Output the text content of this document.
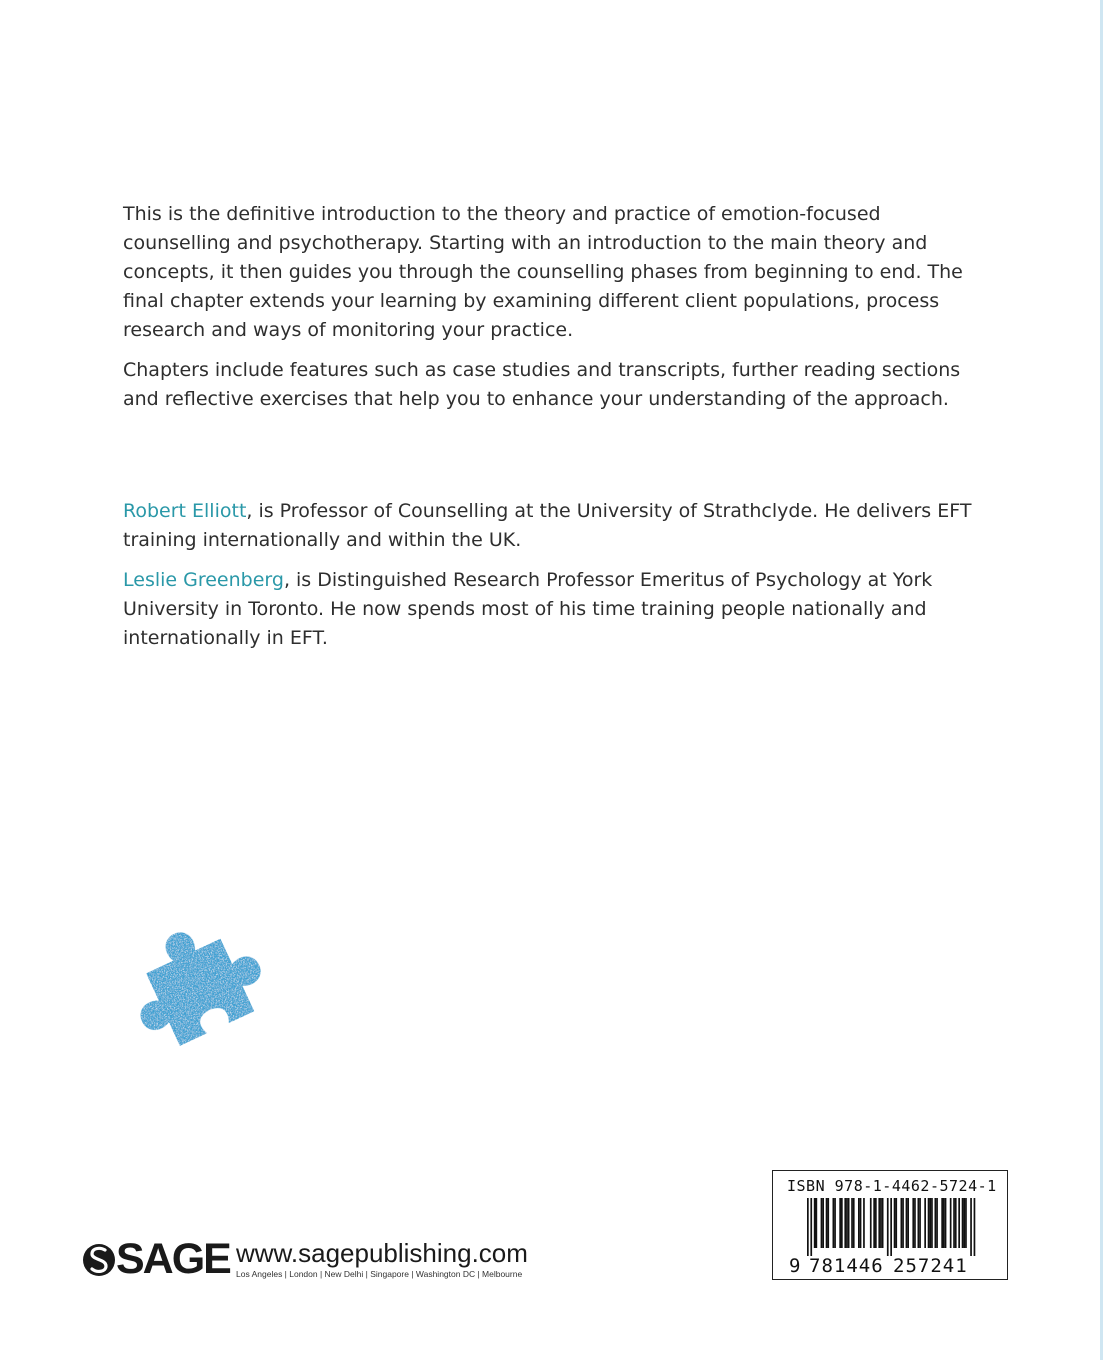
This is the definitive introduction to the theory and practice of emotion-focused counselling and psychotherapy. Starting with an introduction to the main theory and concepts, it then guides you through the counselling phases from beginning to end. The final chapter extends your learning by examining different client populations, process research and ways of monitoring your practice.

Chapters include features such as case studies and transcripts, further reading sections and reflective exercises that help you to enhance your understanding of the approach.

Robert Elliott, is Professor of Counselling at the University of Strathclyde. He delivers EFT training internationally and within the UK.

Leslie Greenberg, is Distinguished Research Professor Emeritus of Psychology at York University in Toronto. He now spends most of his time training people nationally and internationally in EFT.

SAGE www.sagepublishing.com
Los Angeles | London | New Delhi | Singapore | Washington DC | Melbourne
ISBN 978-1-4462-5724-1
9 781446 257241
